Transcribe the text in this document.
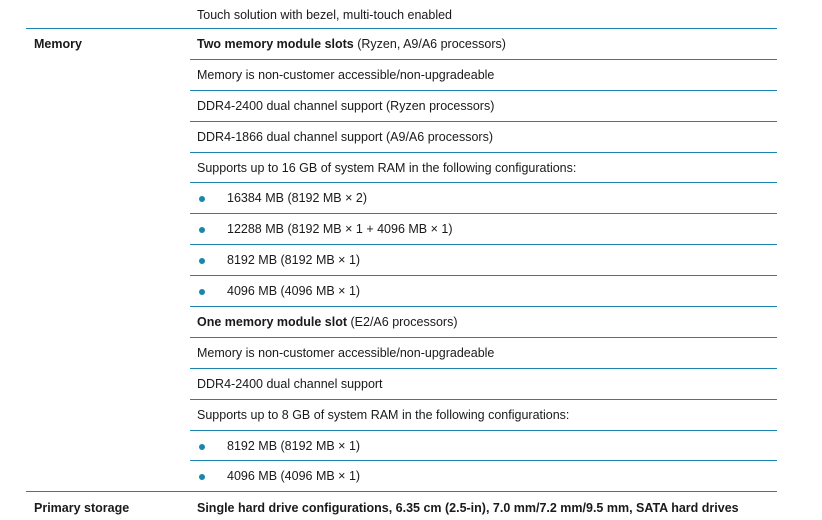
Touch solution with bezel, multi-touch enabled
Memory	Two memory module slots (Ryzen, A9/A6 processors)
Memory is non-customer accessible/non-upgradeable
DDR4-2400 dual channel support (Ryzen processors)
DDR4-1866 dual channel support (A9/A6 processors)
Supports up to 16 GB of system RAM in the following configurations:
16384 MB (8192 MB × 2)
12288 MB (8192 MB × 1 + 4096 MB × 1)
8192 MB (8192 MB × 1)
4096 MB (4096 MB × 1)
One memory module slot (E2/A6 processors)
Memory is non-customer accessible/non-upgradeable
DDR4-2400 dual channel support
Supports up to 8 GB of system RAM in the following configurations:
8192 MB (8192 MB × 1)
4096 MB (4096 MB × 1)
Primary storage	Single hard drive configurations, 6.35 cm (2.5-in), 7.0 mm/7.2 mm/9.5 mm, SATA hard drives
